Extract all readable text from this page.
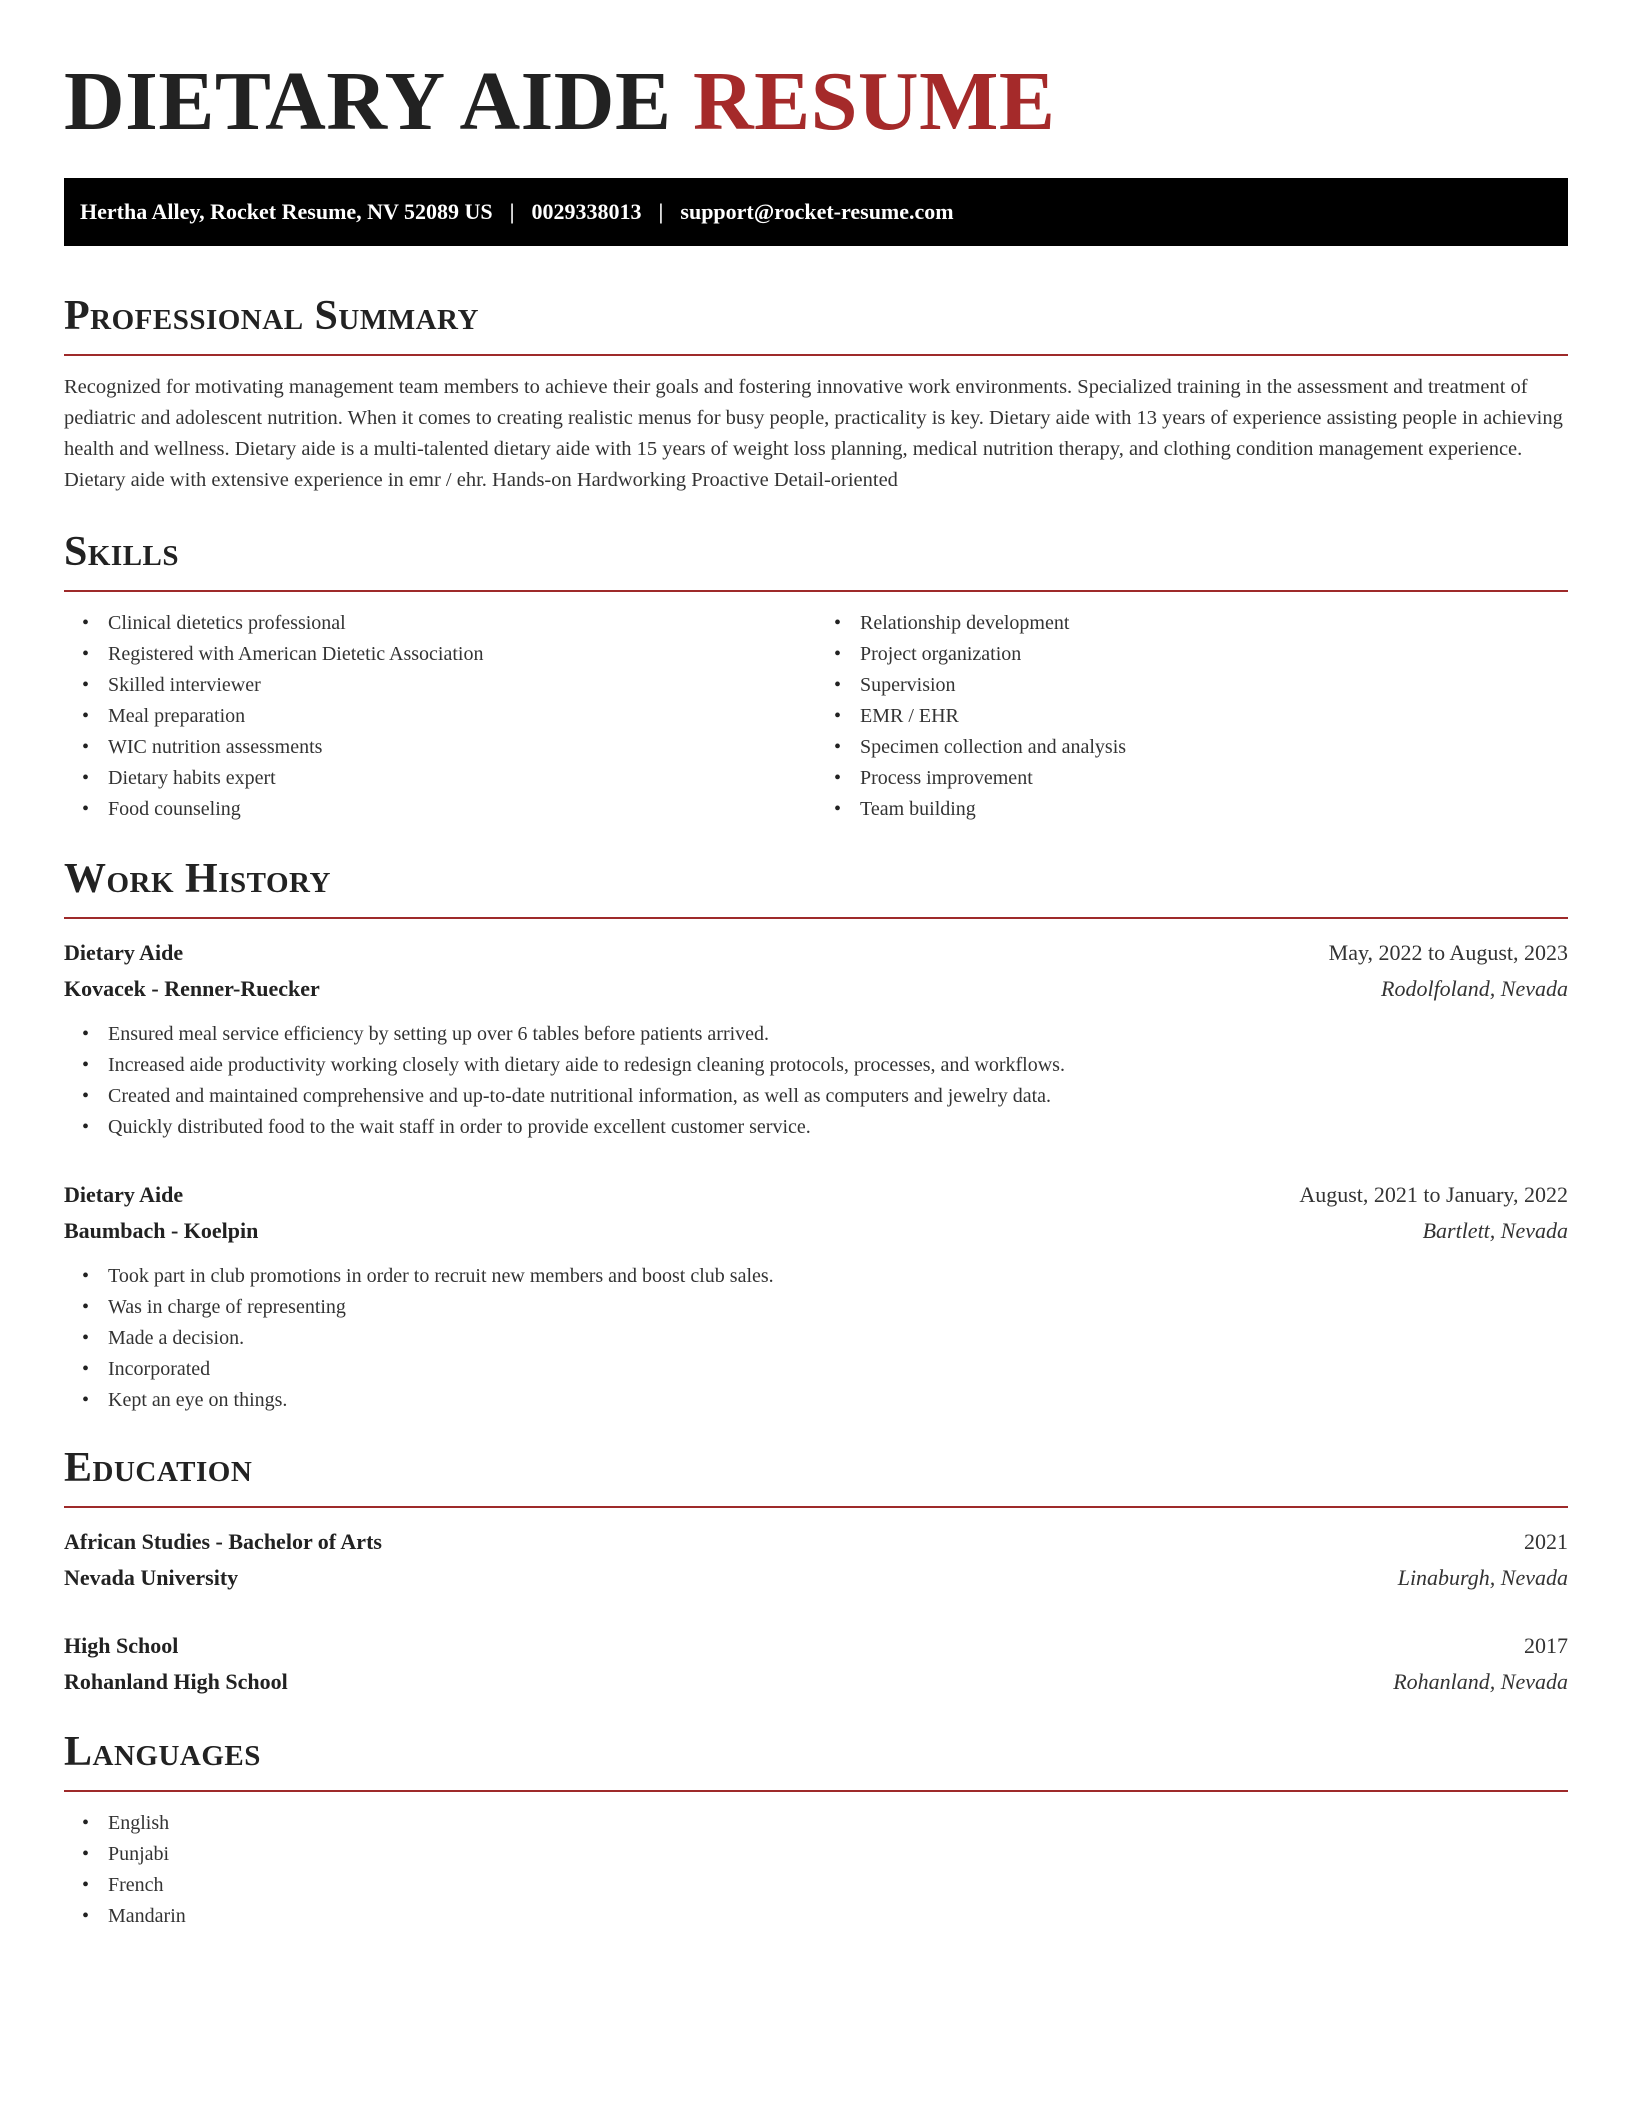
DIETARY AIDE RESUME
Hertha Alley, Rocket Resume, NV 52089 US | 0029338013 | support@rocket-resume.com
Professional Summary

Recognized for motivating management team members to achieve their goals and fostering innovative work environments. Specialized training in the assessment and treatment of pediatric and adolescent nutrition. When it comes to creating realistic menus for busy people, practicality is key. Dietary aide with 13 years of experience assisting people in achieving health and wellness. Dietary aide is a multi-talented dietary aide with 15 years of weight loss planning, medical nutrition therapy, and clothing condition management experience. Dietary aide with extensive experience in emr / ehr. Hands-on Hardworking Proactive Detail-oriented

Skills
• Clinical dietetics professional
• Registered with American Dietetic Association
• Skilled interviewer
• Meal preparation
• WIC nutrition assessments
• Dietary habits expert
• Food counseling
• Relationship development
• Project organization
• Supervision
• EMR / EHR
• Specimen collection and analysis
• Process improvement
• Team building
Work History
Dietary Aide	May, 2022 to August, 2023
Kovacek - Renner-Ruecker	Rodolfoland, Nevada
• Ensured meal service efficiency by setting up over 6 tables before patients arrived.
• Increased aide productivity working closely with dietary aide to redesign cleaning protocols, processes, and workflows.
• Created and maintained comprehensive and up-to-date nutritional information, as well as computers and jewelry data.
• Quickly distributed food to the wait staff in order to provide excellent customer service.
Dietary Aide	August, 2021 to January, 2022
Baumbach - Koelpin	Bartlett, Nevada
• Took part in club promotions in order to recruit new members and boost club sales.
• Was in charge of representing
• Made a decision.
• Incorporated
• Kept an eye on things.
Education
African Studies - Bachelor of Arts	2021
Nevada University	Linaburgh, Nevada
High School	2017
Rohanland High School	Rohanland, Nevada
Languages
• English
• Punjabi
• French
• Mandarin
